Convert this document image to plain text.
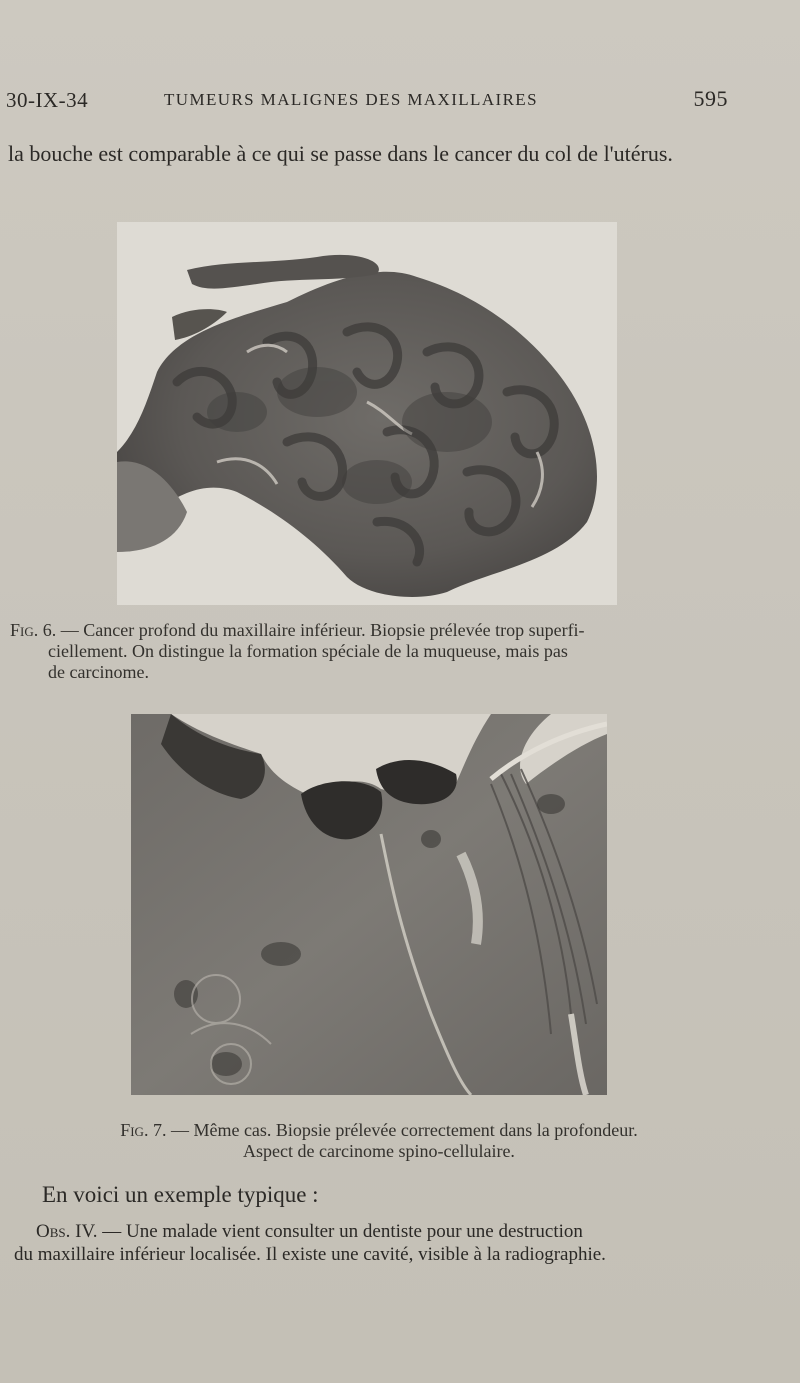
30-IX-34	TUMEURS MALIGNES DES MAXILLAIRES	595
la bouche est comparable à ce qui se passe dans le cancer du col de l'utérus.
Fig. 6. — Cancer profond du maxillaire inférieur. Biopsie prélevée trop superfi-
ciellement. On distingue la formation spéciale de la muqueuse, mais pas
de carcinome.
Fig. 7. — Même cas. Biopsie prélevée correctement dans la profondeur.
Aspect de carcinome spino-cellulaire.
En voici un exemple typique :
Obs. IV. — Une malade vient consulter un dentiste pour une destruction
du maxillaire inférieur localisée. Il existe une cavité, visible à la radiographie.
